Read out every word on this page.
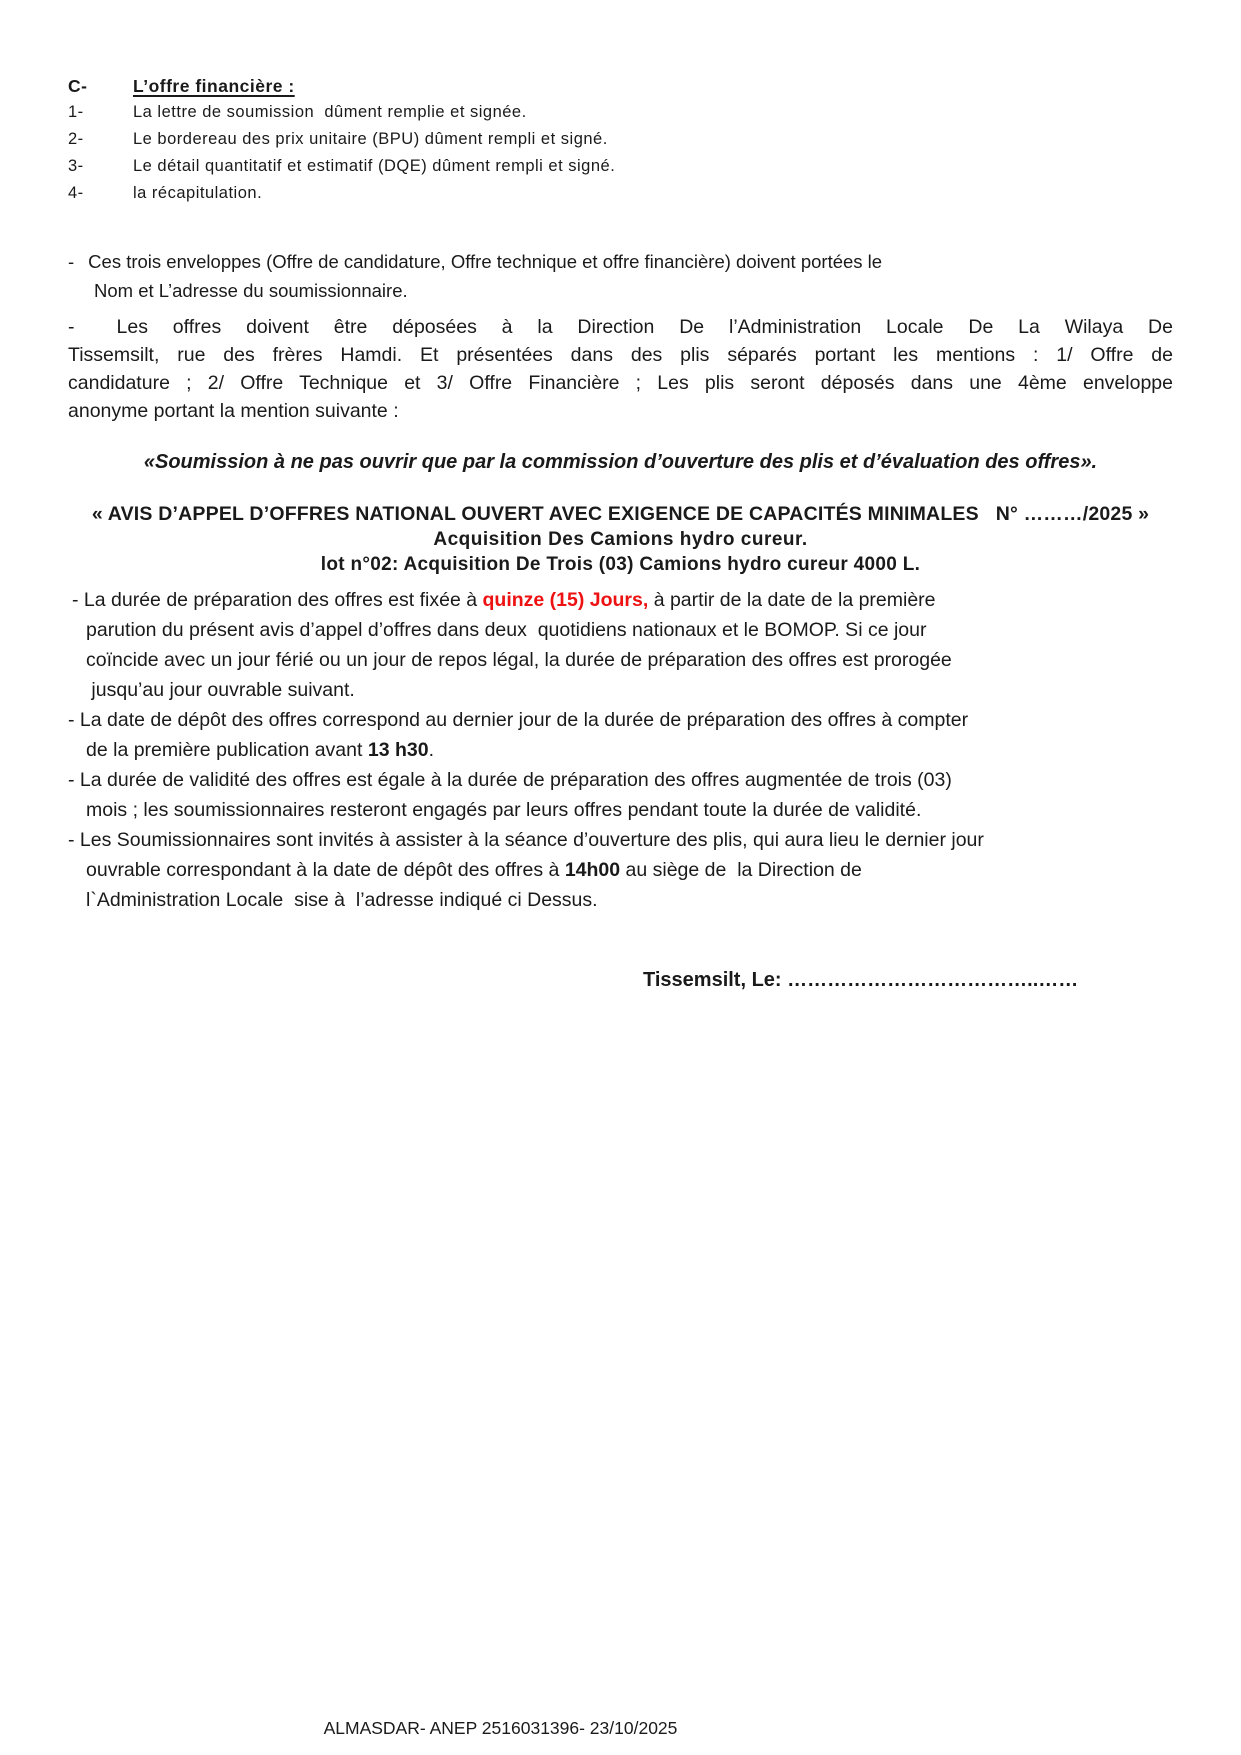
C-	L’offre financière :
1-	La lettre de soumission  dûment remplie et signée.
2-	Le bordereau des prix unitaire (BPU) dûment rempli et signé.
3-	Le détail quantitatif et estimatif (DQE) dûment rempli et signé.
4-	la récapitulation.
- Ces trois enveloppes (Offre de candidature, Offre technique et offre financière) doivent portées le
Nom et L’adresse du soumissionnaire.
- Les offres doivent être déposées à la Direction De l’Administration Locale De La Wilaya De
Tissemsilt, rue des frères Hamdi. Et présentées dans des plis séparés portant les mentions : 1/ Offre de
candidature ; 2/ Offre Technique et 3/ Offre Financière ; Les plis seront déposés dans une 4ème enveloppe
anonyme portant la mention suivante :
«Soumission à ne pas ouvrir que par la commission d’ouverture des plis et d’évaluation des offres».
« AVIS D’APPEL D’OFFRES NATIONAL OUVERT AVEC EXIGENCE DE CAPACITÉS MINIMALES   N° ………/2025 »
Acquisition Des Camions hydro cureur.
lot n°02: Acquisition De Trois (03) Camions hydro cureur 4000 L.
- La durée de préparation des offres est fixée à quinze (15) Jours, à partir de la date de la première
parution du présent avis d’appel d’offres dans deux  quotidiens nationaux et le BOMOP. Si ce jour
coïncide avec un jour férié ou un jour de repos légal, la durée de préparation des offres est prorogée
jusqu’au jour ouvrable suivant.
- La date de dépôt des offres correspond au dernier jour de la durée de préparation des offres à compter
de la première publication avant 13 h30.
- La durée de validité des offres est égale à la durée de préparation des offres augmentée de trois (03)
mois ; les soumissionnaires resteront engagés par leurs offres pendant toute la durée de validité.
- Les Soumissionnaires sont invités à assister à la séance d’ouverture des plis, qui aura lieu le dernier jour
ouvrable correspondant à la date de dépôt des offres à 14h00 au siège de  la Direction de
l`Administration Locale  sise à  l’adresse indiqué ci Dessus.
Tissemsilt, Le: ………………………………..……
ALMASDAR- ANEP 2516031396- 23/10/2025
